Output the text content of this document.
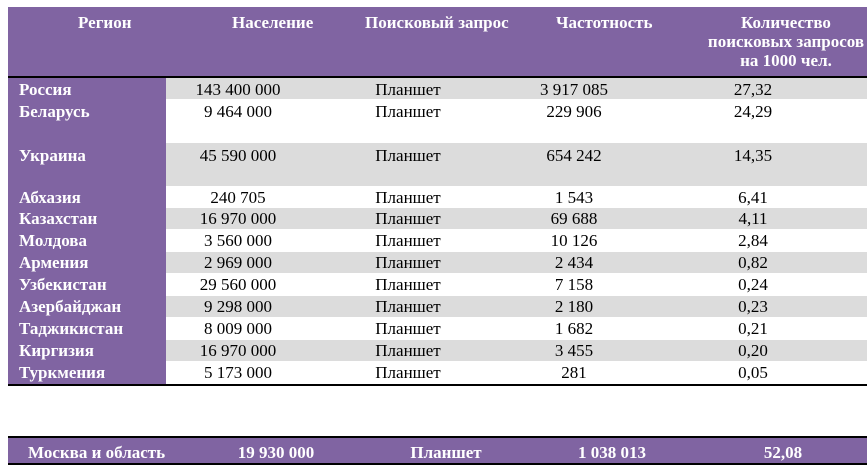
Регион	Население	Поисковый запрос	Частотность	Количество
поисковых запросов
на 1000 чел.
Россия	143 400 000	Планшет	3 917 085	27,32
Беларусь	9 464 000	Планшет	229 906	24,29
Украина	45 590 000	Планшет	654 242	14,35
Абхазия	240 705	Планшет	1 543	6,41
Казахстан	16 970 000	Планшет	69 688	4,11
Молдова	3 560 000	Планшет	10 126	2,84
Армения	2 969 000	Планшет	2 434	0,82
Узбекистан	29 560 000	Планшет	7 158	0,24
Азербайджан	9 298 000	Планшет	2 180	0,23
Таджикистан	8 009 000	Планшет	1 682	0,21
Киргизия	16 970 000	Планшет	3 455	0,20
Туркмения	5 173 000	Планшет	281	0,05
Москва и область	19 930 000	Планшет	1 038 013	52,08
